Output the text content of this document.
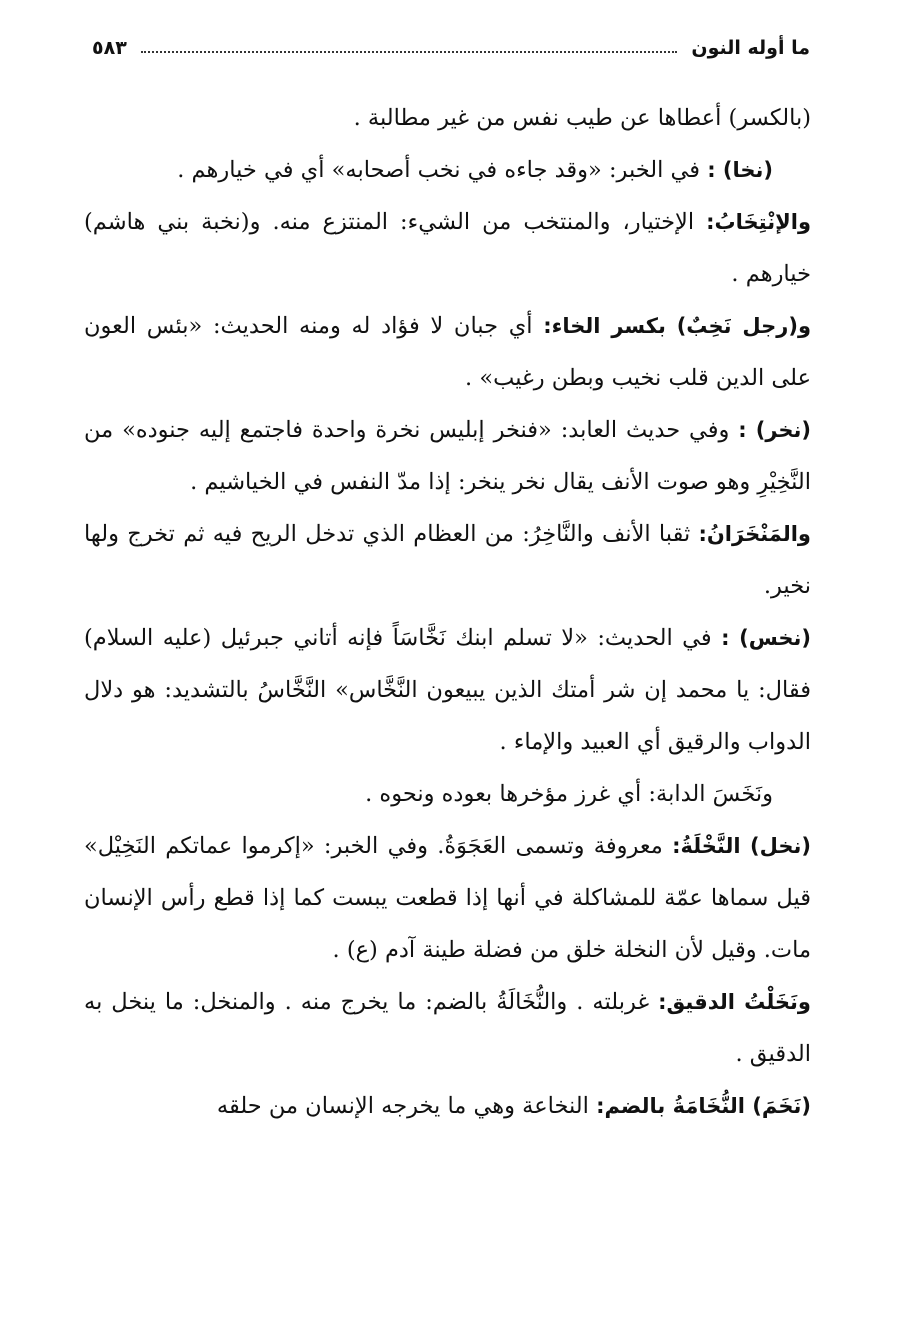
ما أوله النون
٥٨٣

(بالكسر) أعطاها عن طيب نفس من غير مطالبة .

(نخا) : في الخبر: «وقد جاءه في نخب أصحابه» أي في خيارهم .

والإنْتِخَابُ: الإختيار، والمنتخب من الشيء: المنتزع منه. و(نخبة بني هاشم) خيارهم .

و(رجل نَخِبٌ) بكسر الخاء: أي جبان لا فؤاد له ومنه الحديث: «بئس العون على الدين قلب نخيب وبطن رغيب» .

(نخر) : وفي حديث العابد: «فنخر إبليس نخرة واحدة فاجتمع إليه جنوده» من النَّخِيْرِ وهو صوت الأنف يقال نخر ينخر: إذا مدّ النفس في الخياشيم .

والمَنْخَرَانُ: ثقبا الأنف والنَّاخِرُ: من العظام الذي تدخل الريح فيه ثم تخرج ولها نخير.

(نخس) : في الحديث: «لا تسلم ابنك نَخَّاسَاً فإنه أتاني جبرئيل (عليه السلام) فقال: يا محمد إن شر أمتك الذين يبيعون النَّخَّاس» النَّخَّاسُ بالتشديد: هو دلال الدواب والرقيق أي العبيد والإماء .

ونَخَسَ الدابة: أي غرز مؤخرها بعوده ونحوه .

(نخل) النَّخْلَةُ: معروفة وتسمى العَجَوَةُ. وفي الخبر: «إكرموا عماتكم النَخِيْل» قيل سماها عمّة للمشاكلة في أنها إذا قطعت يبست كما إذا قطع رأس الإنسان مات. وقيل لأن النخلة خلق من فضلة طينة آدم (ع) .

ونَخَلْتُ الدقيق: غربلته . والنُّخَالَةُ بالضم: ما يخرج منه . والمنخل: ما ينخل به الدقيق .

(نَخَمَ) النُّخَامَةُ بالضم: النخاعة وهي ما يخرجه الإنسان من حلقه
